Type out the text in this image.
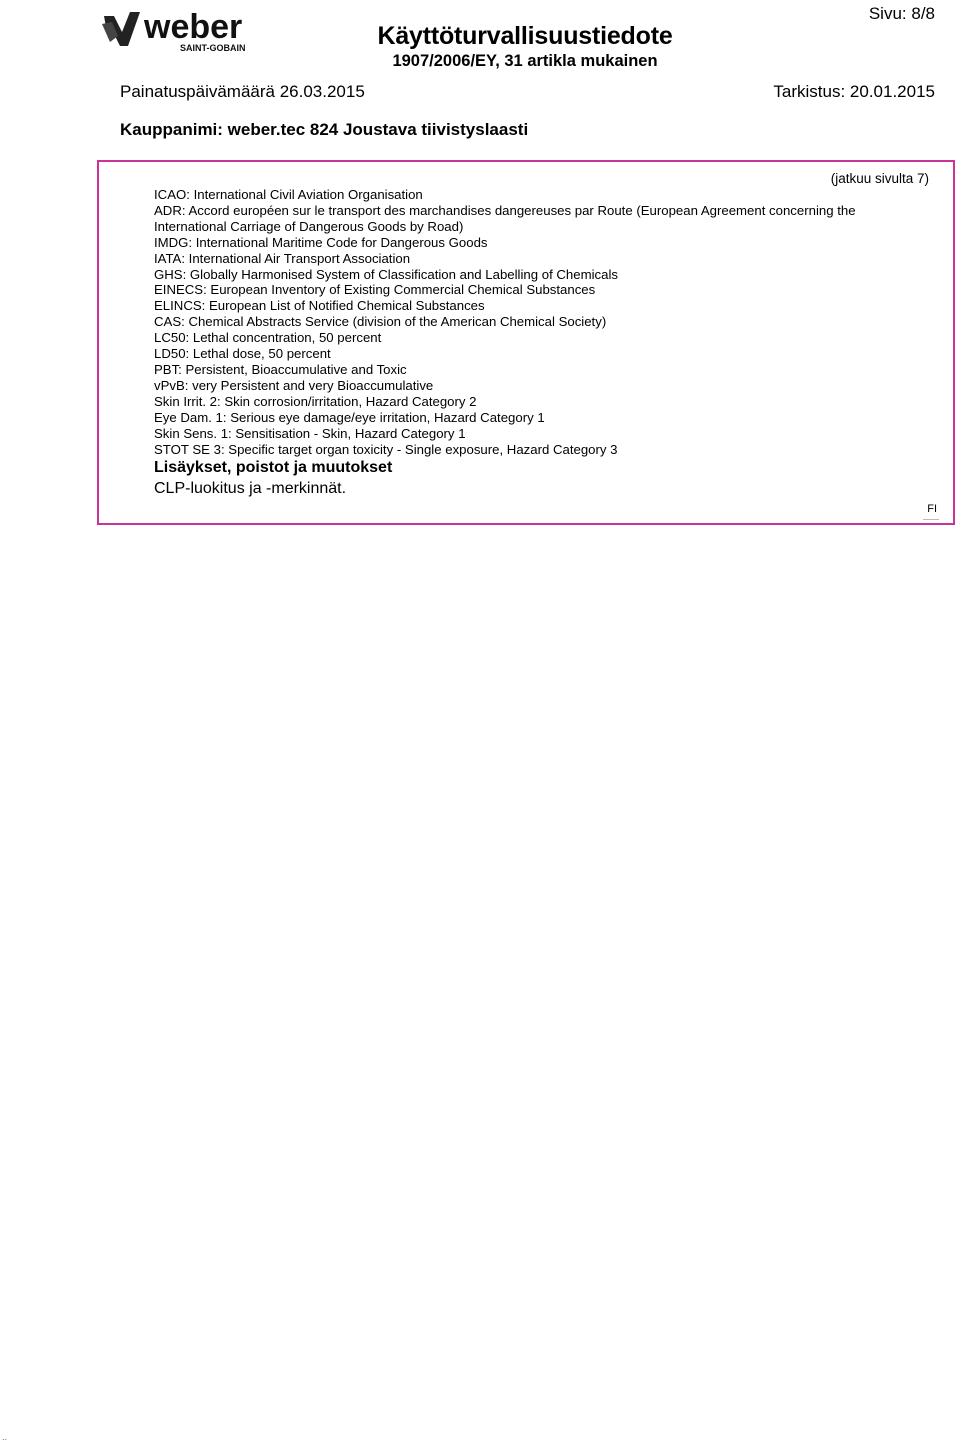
weber
SAINT-GOBAIN	Käyttöturvallisuustiedote
1907/2006/EY, 31 artikla mukainen
Sivu: 8/8
Painatuspäivämäärä 26.03.2015	Tarkistus: 20.01.2015
Kauppanimi: weber.tec 824 Joustava tiivistyslaasti
(jatkuu sivulta 7)
ICAO: International Civil Aviation Organisation
ADR: Accord européen sur le transport des marchandises dangereuses par Route (European Agreement concerning the
International Carriage of Dangerous Goods by Road)
IMDG: International Maritime Code for Dangerous Goods
IATA: International Air Transport Association
GHS: Globally Harmonised System of Classification and Labelling of Chemicals
EINECS: European Inventory of Existing Commercial Chemical Substances
ELINCS: European List of Notified Chemical Substances
CAS: Chemical Abstracts Service (division of the American Chemical Society)
LC50: Lethal concentration, 50 percent
LD50: Lethal dose, 50 percent
PBT: Persistent, Bioaccumulative and Toxic
vPvB: very Persistent and very Bioaccumulative
Skin Irrit. 2: Skin corrosion/irritation, Hazard Category 2
Eye Dam. 1: Serious eye damage/eye irritation, Hazard Category 1
Skin Sens. 1: Sensitisation - Skin, Hazard Category 1
STOT SE 3: Specific target organ toxicity - Single exposure, Hazard Category 3
Lisäykset, poistot ja muutokset
CLP-luokitus ja -merkinnät.
FI
..
